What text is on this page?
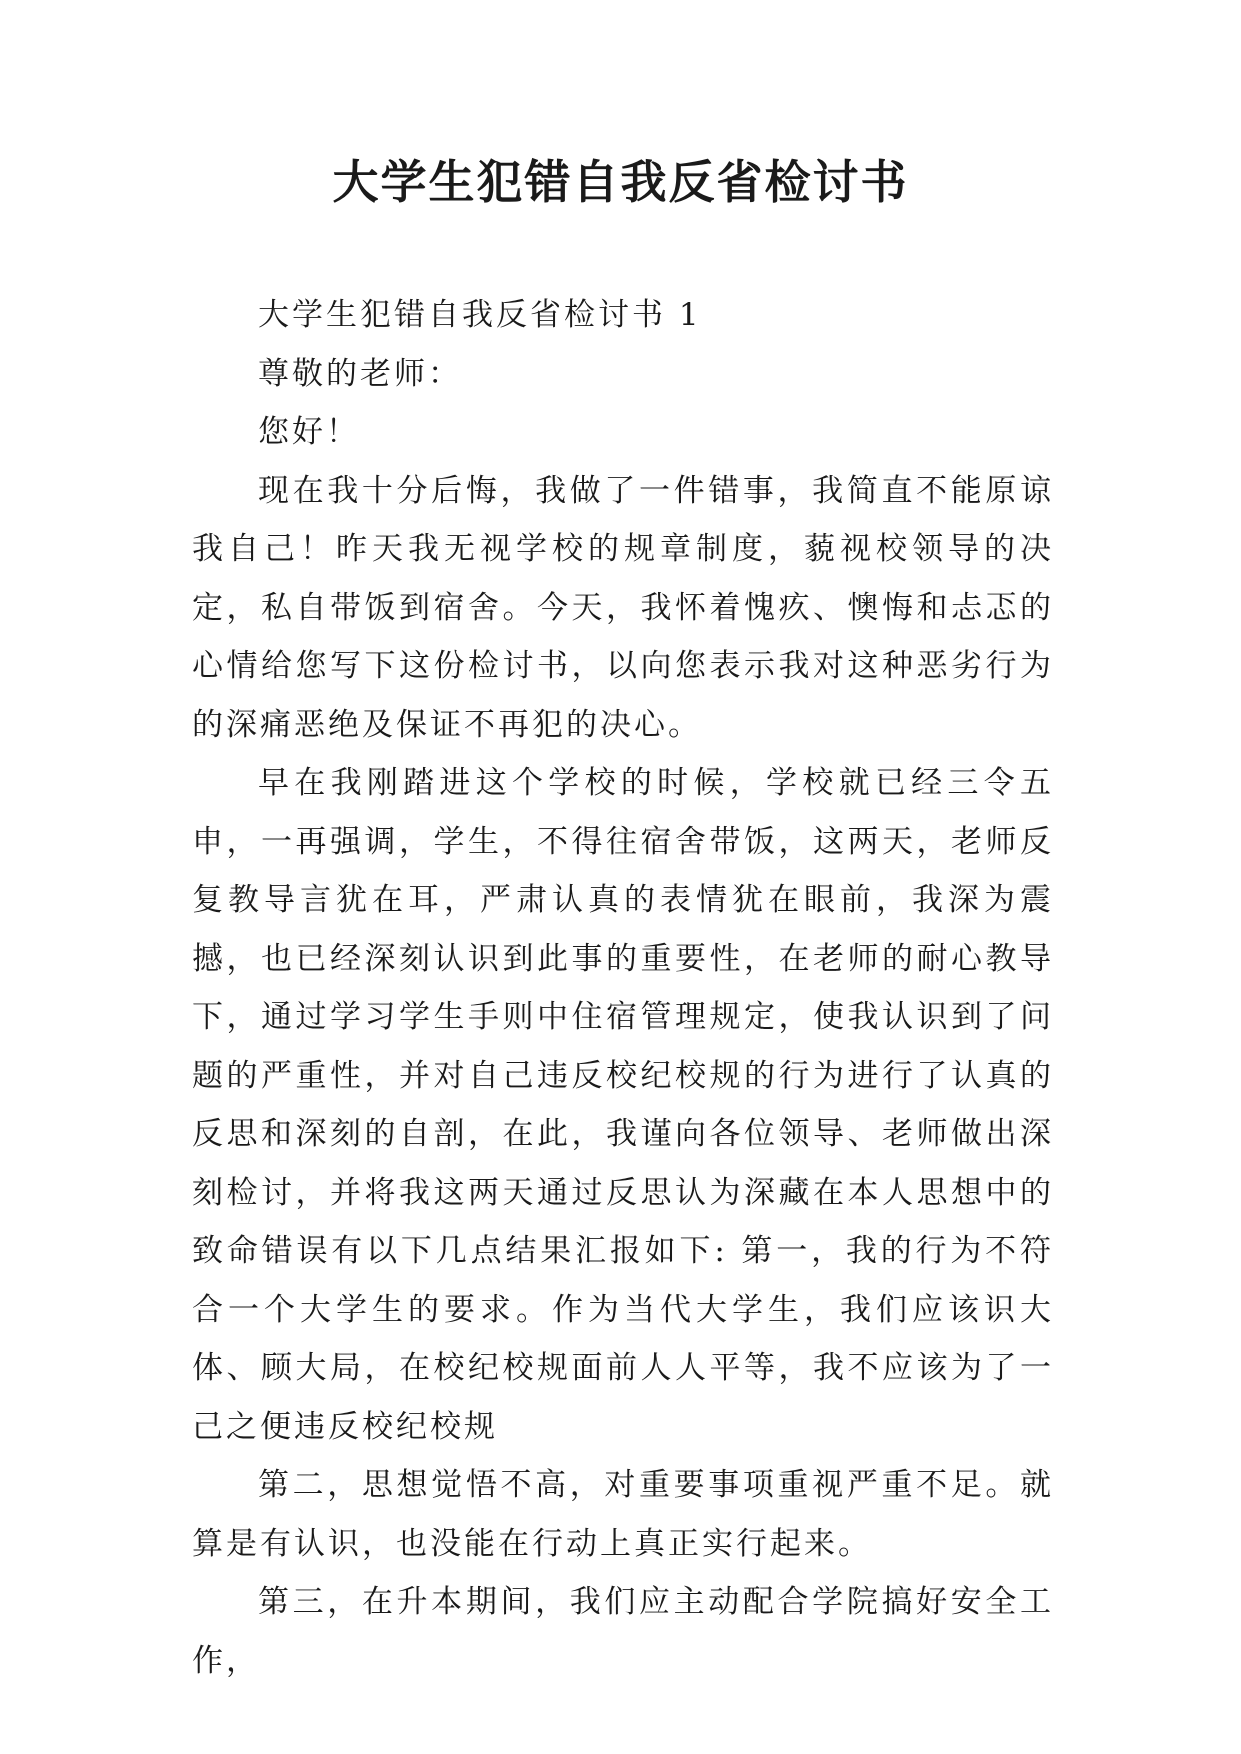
大学生犯错自我反省检讨书

大学生犯错自我反省检讨书 1

尊敬的老师：

您好！

现在我十分后悔，我做了一件错事，我简直不能原谅我自己！昨天我无视学校的规章制度，藐视校领导的决定，私自带饭到宿舍。今天，我怀着愧疚、懊悔和忐忑的心情给您写下这份检讨书，以向您表示我对这种恶劣行为的深痛恶绝及保证不再犯的决心。

早在我刚踏进这个学校的时候，学校就已经三令五申，一再强调，学生，不得往宿舍带饭，这两天，老师反复教导言犹在耳，严肃认真的表情犹在眼前，我深为震撼，也已经深刻认识到此事的重要性，在老师的耐心教导下，通过学习学生手则中住宿管理规定，使我认识到了问题的严重性，并对自己违反校纪校规的行为进行了认真的反思和深刻的自剖，在此，我谨向各位领导、老师做出深刻检讨，并将我这两天通过反思认为深藏在本人思想中的致命错误有以下几点结果汇报如下: 第一，我的行为不符合一个大学生的要求。作为当代大学生，我们应该识大体、顾大局，在校纪校规面前人人平等，我不应该为了一己之便违反校纪校规

第二，思想觉悟不高，对重要事项重视严重不足。就算是有认识，也没能在行动上真正实行起来。

第三，在升本期间，我们应主动配合学院搞好安全工作，
